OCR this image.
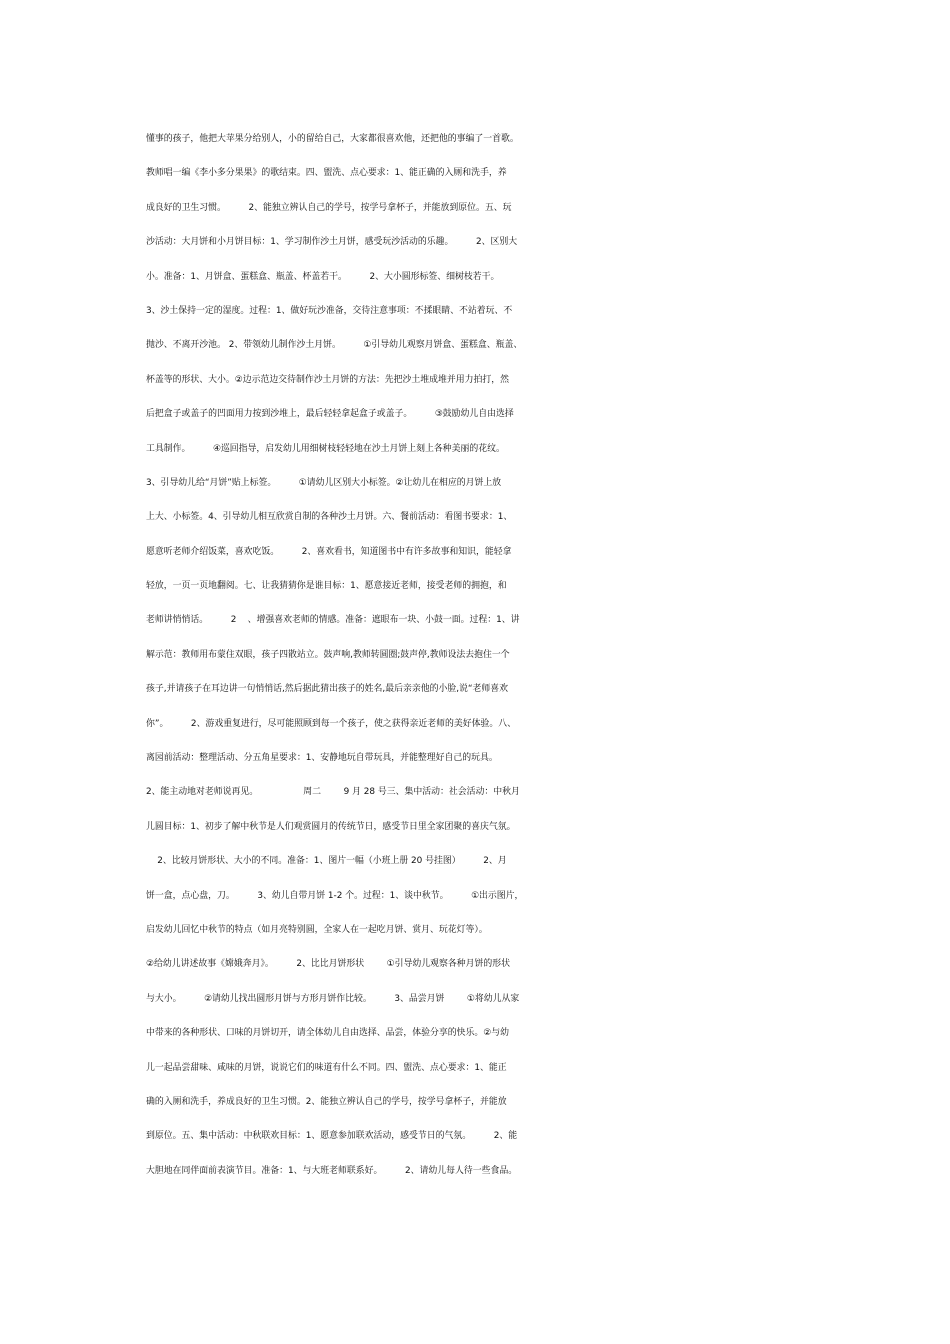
懂事的孩子，他把大苹果分给别人，小的留给自己，大家都很喜欢他，还把他的事编了一首歌。
教师唱一编《李小多分果果》的歌结束。四、盥洗、点心要求：1、能正确的入厕和洗手，养
成良好的卫生习惯。        2、能独立辨认自己的学号，按学号拿杯子，并能放到原位。五、玩
沙活动：大月饼和小月饼目标：1、学习制作沙土月饼，感受玩沙活动的乐趣。        2、区别大
小。准备：1、月饼盒、蛋糕盒、瓶盖、杯盖若干。        2、大小圆形标签、细树枝若干。
3、沙土保持一定的湿度。过程：1、做好玩沙准备，交待注意事项：不揉眼睛、不站着玩、不
抛沙、不离开沙池。 2、带领幼儿制作沙土月饼。        ①引导幼儿观察月饼盒、蛋糕盒、瓶盖、
杯盖等的形状、大小。②边示范边交待制作沙土月饼的方法：先把沙土堆成堆并用力拍打，然
后把盒子或盖子的凹面用力按到沙堆上，最后轻轻拿起盒子或盖子。        ③鼓励幼儿自由选择
工具制作。        ④巡回指导，启发幼儿用细树枝轻轻地在沙土月饼上刻上各种美丽的花纹。
3、引导幼儿给“月饼”贴上标签。        ①请幼儿区别大小标签。②让幼儿在相应的月饼上放
上大、小标签。4、引导幼儿相互欣赏自制的各种沙土月饼。六、餐前活动：看图书要求：1、
愿意听老师介绍饭菜，喜欢吃饭。        2、喜欢看书，知道图书中有许多故事和知识，能轻拿
轻放，一页一页地翻阅。七、让我猜猜你是谁目标：1、愿意接近老师，接受老师的拥抱，和
老师讲悄悄话。        2    、增强喜欢老师的情感。准备：遮眼布一块、小鼓一面。过程：1、讲
解示范：教师用布蒙住双眼，孩子四散站立。鼓声响,教师转圆圈;鼓声停,教师设法去抱住一个
孩子,并请孩子在耳边讲一句悄悄话,然后据此猜出孩子的姓名,最后亲亲他的小脸,说“老师喜欢
你”。        2、游戏重复进行，尽可能照顾到每一个孩子，使之获得亲近老师的美好体验。八、
离园前活动：整理活动、分五角星要求：1、安静地玩自带玩具，并能整理好自己的玩具。
2、能主动地对老师说再见。                周二        9 月 28 号三、集中活动：社会活动：中秋月
儿圆目标：1、初步了解中秋节是人们观赏圆月的传统节日，感受节日里全家团聚的喜庆气氛。
2、比较月饼形状、大小的不同。准备：1、图片一幅（小班上册 20 号挂图）        2、月
饼一盒，点心盘，刀。        3、幼儿自带月饼 1-2 个。过程：1、谈中秋节。        ①出示图片，
启发幼儿回忆中秋节的特点（如月亮特别圆，全家人在一起吃月饼、赏月、玩花灯等）。
②给幼儿讲述故事《嫦娥奔月》。        2、比比月饼形状        ①引导幼儿观察各种月饼的形状
与大小。        ②请幼儿找出圆形月饼与方形月饼作比较。        3、品尝月饼        ①将幼儿从家
中带来的各种形状、口味的月饼切开，请全体幼儿自由选择、品尝，体验分享的快乐。②与幼
儿一起品尝甜味、咸味的月饼，说说它们的味道有什么不同。四、盥洗、点心要求：1、能正
确的入厕和洗手，养成良好的卫生习惯。2、能独立辨认自己的学号，按学号拿杯子，并能放
到原位。五、集中活动：中秋联欢目标：1、愿意参加联欢活动，感受节日的气氛。        2、能
大胆地在同伴面前表演节目。准备：1、与大班老师联系好。        2、请幼儿每人待一些食品。
